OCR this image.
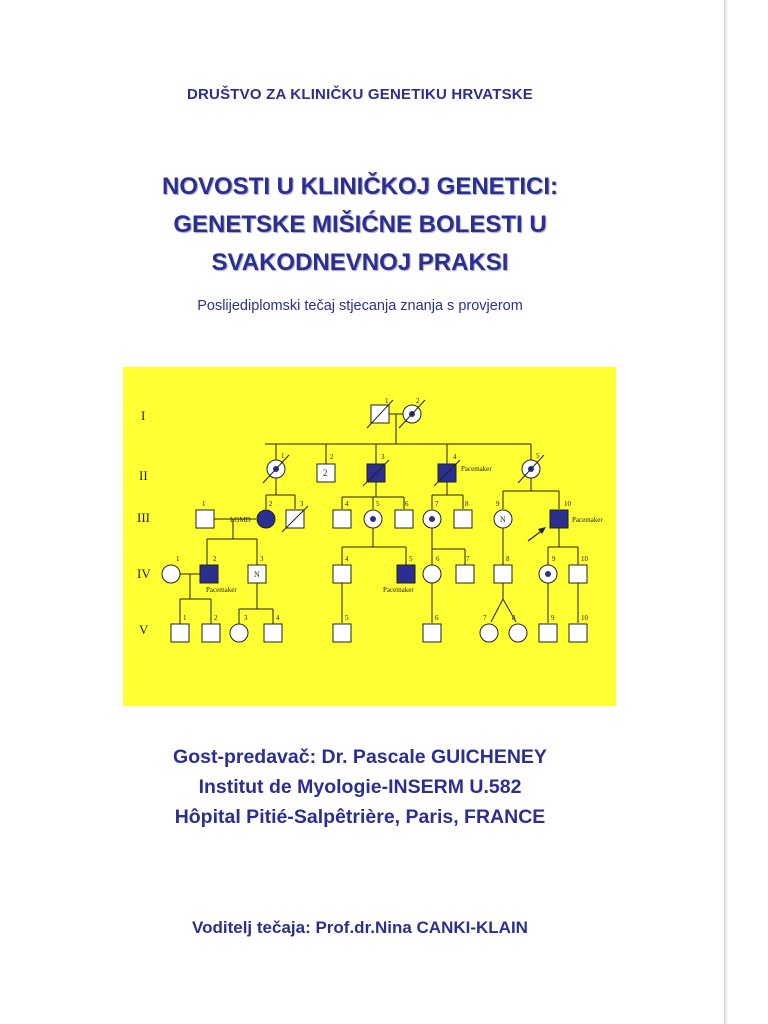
DRUŠTVO ZA KLINIČKU GENETIKU HRVATSKE
NOVOSTI U KLINIČKOJ GENETICI:
GENETSKE MIŠIĆNE BOLESTI U
SVAKODNEVNOJ PRAKSI
Poslijediplomski tečaj stjecanja znanja s provjerom
I
II
III
IV
V
1	2
1
2
2	3	4
Pacemaker
5
1	2
LGMD
3	4	5	6	7	8
N
9	10
Pacemaker
1	2
Pacemaker
N
3	4	5
Pacemaker
6	7	8	9	10
1	2	3	4	5	6	7	8	9	10
Gost-predavač: Dr. Pascale GUICHENEY
Institut de Myologie-INSERM U.582
Hôpital Pitié-Salpêtrière, Paris, FRANCE
Voditelj tečaja: Prof.dr.Nina CANKI-KLAIN
